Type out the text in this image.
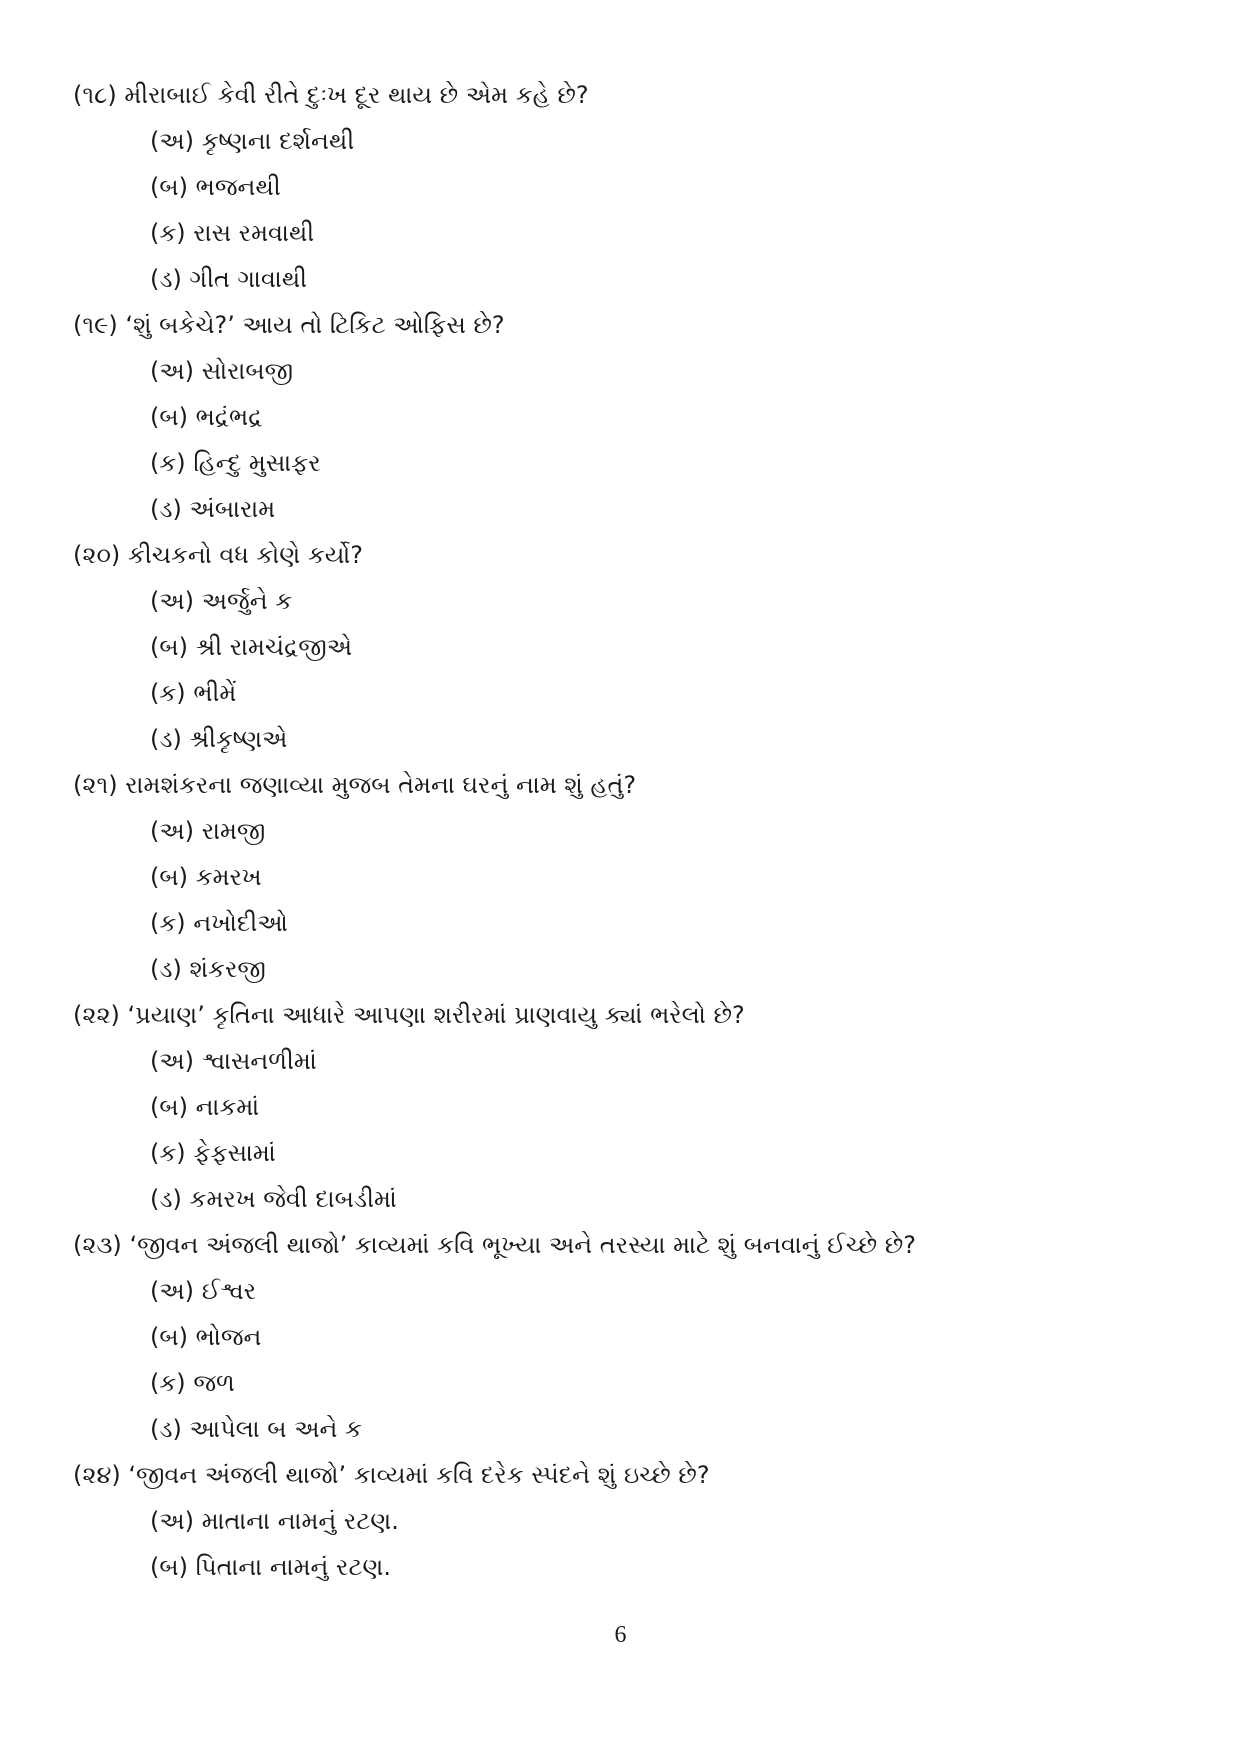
(૧૮) મીરાબાઈ કેવી રીતે દુઃખ દૂર થાય છે એમ કહે છે?
(અ) કૃષ્ણના દર્શનથી
(બ) ભજનથી
(ક) રાસ રમવાથી
(ડ) ગીત ગાવાથી
(૧૯) ‘શું બકેચે?’ આય તો ટિકિટ ઓફિસ છે?
(અ) સોરાબજી
(બ) ભદ્રંભદ્ર
(ક) હિન્દુ મુસાફર
(ડ) અંબારામ
(૨૦) કીચકનો વધ કોણે કર્યો?
(અ) અર્જુને ક
(બ) શ્રી રામચંદ્રજીએ
(ક) ભીમેં
(ડ) શ્રીકૃષ્ણએ
(૨૧) રામશંકરના જણાવ્યા મુજબ તેમના ઘરનું નામ શું હતું?
(અ) રામજી
(બ) કમરખ
(ક) નખોદીઓ
(ડ) શંકરજી
(૨૨) ‘પ્રયાણ’ કૃતિના આધારે આપણા શરીરમાં પ્રાણવાયુ ક્યાં ભરેલો છે?
(અ) શ્વાસનળીમાં
(બ) નાકમાં
(ક) ફેફસામાં
(ડ) કમરખ જેવી દાબડીમાં
(૨૩) ‘જીવન અંજલી થાજો’ કાવ્યમાં કવિ ભૂખ્યા અને તરસ્યા માટે શું બનવાનું ઈચ્છે છે?
(અ) ઈશ્વર
(બ) ભોજન
(ક) જળ
(ડ) આપેલા બ અને ક
(૨૪) ‘જીવન અંજલી થાજો’ કાવ્યમાં કવિ દરેક સ્પંદને શું ઇચ્છે છે?
(અ) માતાના નામનું રટણ.
(બ) પિતાના નામનું રટણ.
6
